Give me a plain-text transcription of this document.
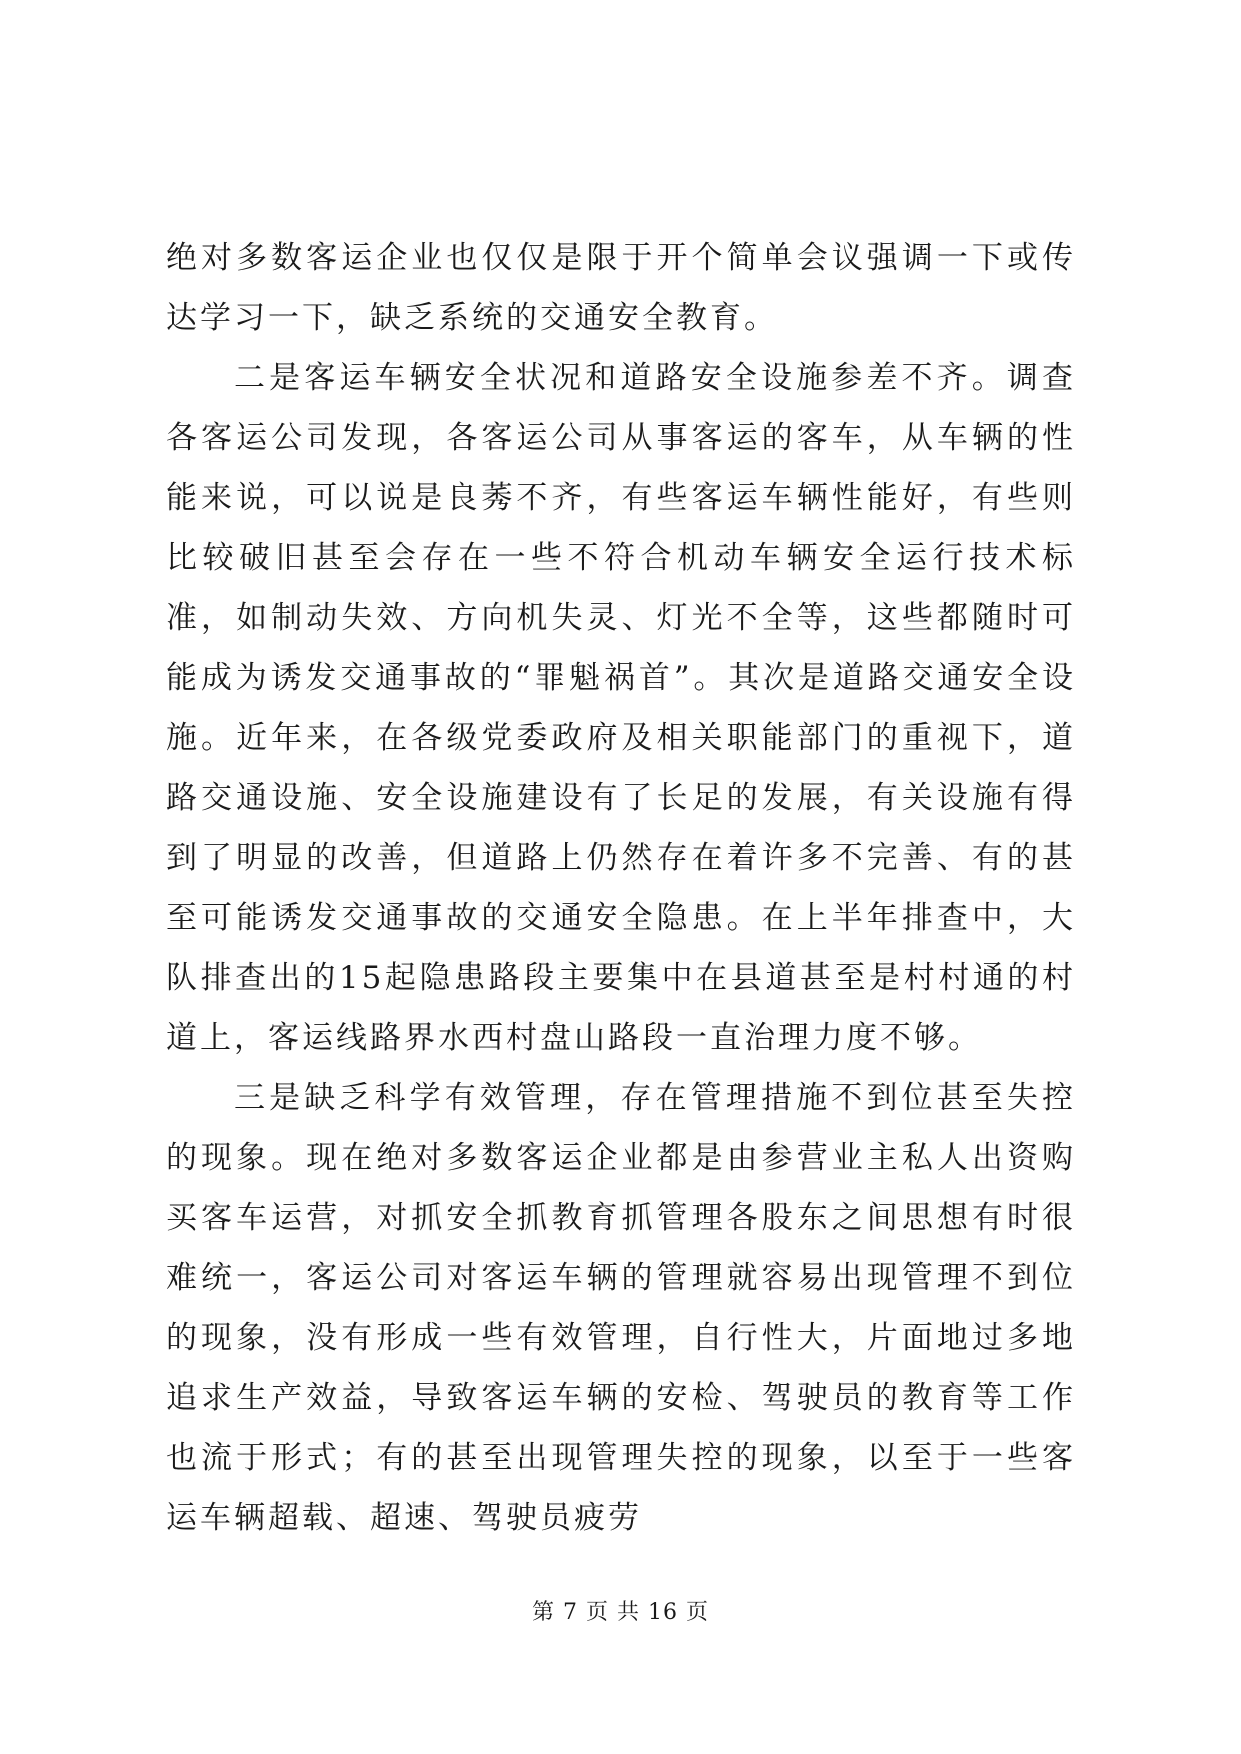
绝对多数客运企业也仅仅是限于开个简单会议强调一下或传达学习一下，缺乏系统的交通安全教育。

二是客运车辆安全状况和道路安全设施参差不齐。调查各客运公司发现，各客运公司从事客运的客车，从车辆的性能来说，可以说是良莠不齐，有些客运车辆性能好，有些则比较破旧甚至会存在一些不符合机动车辆安全运行技术标准，如制动失效、方向机失灵、灯光不全等，这些都随时可能成为诱发交通事故的“罪魁祸首”。其次是道路交通安全设施。近年来，在各级党委政府及相关职能部门的重视下，道路交通设施、安全设施建设有了长足的发展，有关设施有得到了明显的改善，但道路上仍然存在着许多不完善、有的甚至可能诱发交通事故的交通安全隐患。在上半年排查中，大队排查出的15起隐患路段主要集中在县道甚至是村村通的村道上，客运线路界水西村盘山路段一直治理力度不够。

三是缺乏科学有效管理，存在管理措施不到位甚至失控的现象。现在绝对多数客运企业都是由参营业主私人出资购买客车运营，对抓安全抓教育抓管理各股东之间思想有时很难统一，客运公司对客运车辆的管理就容易出现管理不到位的现象，没有形成一些有效管理，自行性大，片面地过多地追求生产效益，导致客运车辆的安检、驾驶员的教育等工作也流于形式；有的甚至出现管理失控的现象，以至于一些客运车辆超载、超速、驾驶员疲劳

第 7 页 共 16 页
